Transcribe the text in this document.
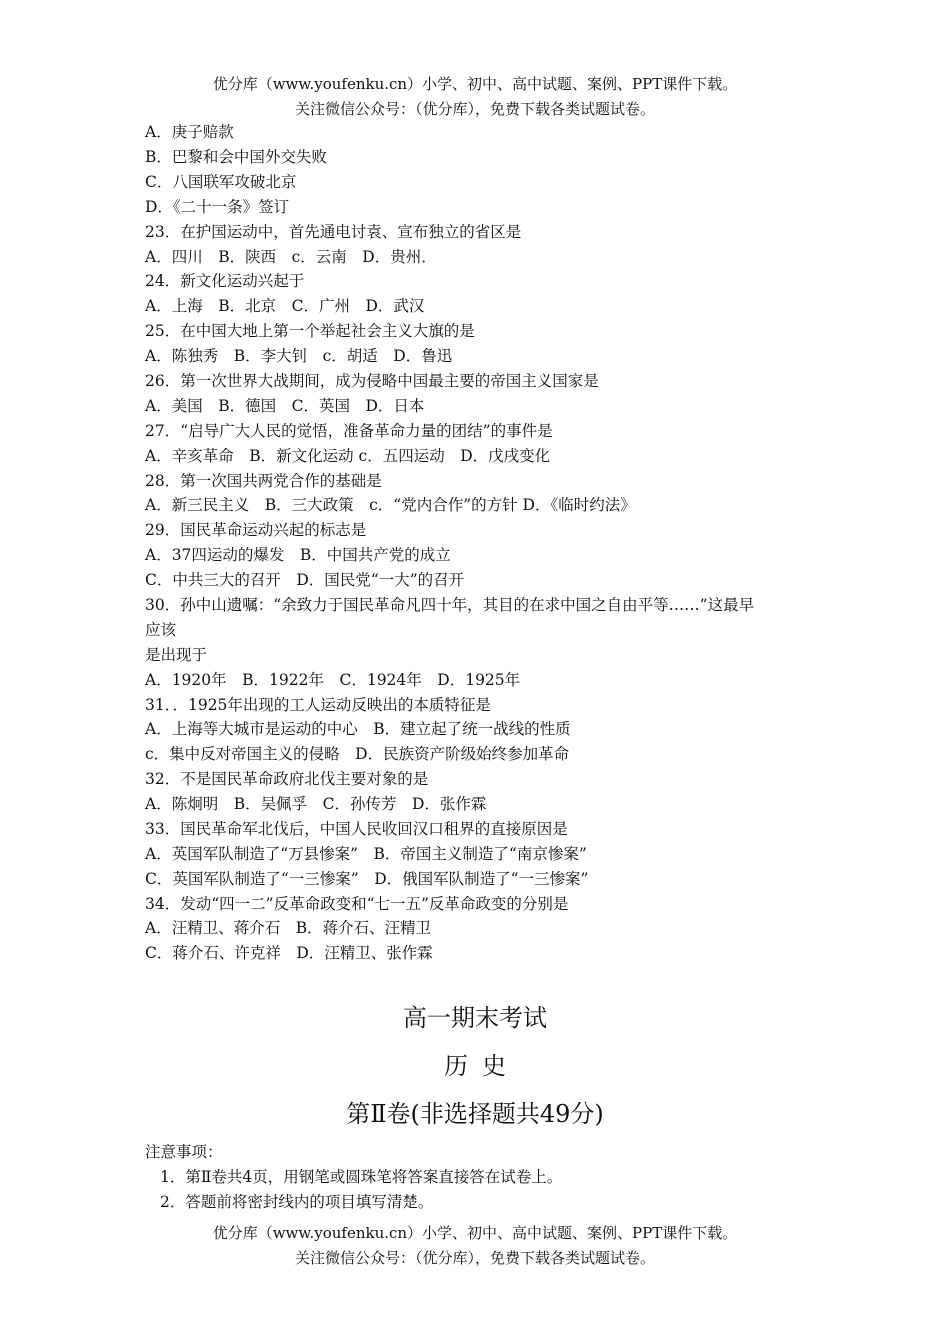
优分库（www.youfenku.cn）小学、初中、高中试题、案例、PPT课件下载。
关注微信公众号：（优分库），免费下载各类试题试卷。
A．庚子赔款
B．巴黎和会中国外交失败
C．八国联军攻破北京
D．《二十一条》签订
23．在护国运动中，首先通电讨袁、宣布独立的省区是
A．四川　B．陕西　c．云南　D．贵州．
24．新文化运动兴起于
A．上海　B．北京　C．广州　D．武汉
25．在中国大地上第一个举起社会主义大旗的是
A．陈独秀　B．李大钊　c．胡适　D．鲁迅
26．第一次世界大战期间，成为侵略中国最主要的帝国主义国家是
A．美国　B．德国　C．英国　D．日本
27．“启导广大人民的觉悟，准备革命力量的团结”的事件是
A．辛亥革命　B．新文化运动 c．五四运动　D．戊戌变化
28．第一次国共两党合作的基础是
A．新三民主义　B．三大政策　c．“党内合作”的方针 D．《临时约法》
29．国民革命运动兴起的标志是
A．37四运动的爆发　B．中国共产党的成立
C．中共三大的召开　D．国民党“一大”的召开
30．孙中山遗嘱：“余致力于国民革命凡四十年，其目的在求中国之自由平等……”这最早
应该
是出现于
A．1920年　B．1922年　C．1924年　D．1925年
31．．1925年出现的工人运动反映出的本质特征是
A．上海等大城市是运动的中心　B．建立起了统一战线的性质
c．集中反对帝国主义的侵略　D．民族资产阶级始终参加革命
32．不是国民革命政府北伐主要对象的是
A．陈炯明　B．吴佩孚　C．孙传芳　D．张作霖
33．国民革命军北伐后，中国人民收回汉口租界的直接原因是
A．英国军队制造了“万县惨案”　B．帝国主义制造了“南京惨案”
C．英国军队制造了“一三惨案”　D．俄国军队制造了“一三惨案”
34．发动“四一二”反革命政变和“七一五”反革命政变的分别是
A．汪精卫、蒋介石　B．蒋介石、汪精卫
C．蒋介石、许克祥　D．汪精卫、张作霖
高一期末考试
历史
第Ⅱ卷(非选择题共49分)
注意事项：
1．第Ⅱ卷共4页，用钢笔或圆珠笔将答案直接答在试卷上。
2．答题前将密封线内的项目填写清楚。
优分库（www.youfenku.cn）小学、初中、高中试题、案例、PPT课件下载。
关注微信公众号：（优分库），免费下载各类试题试卷。
